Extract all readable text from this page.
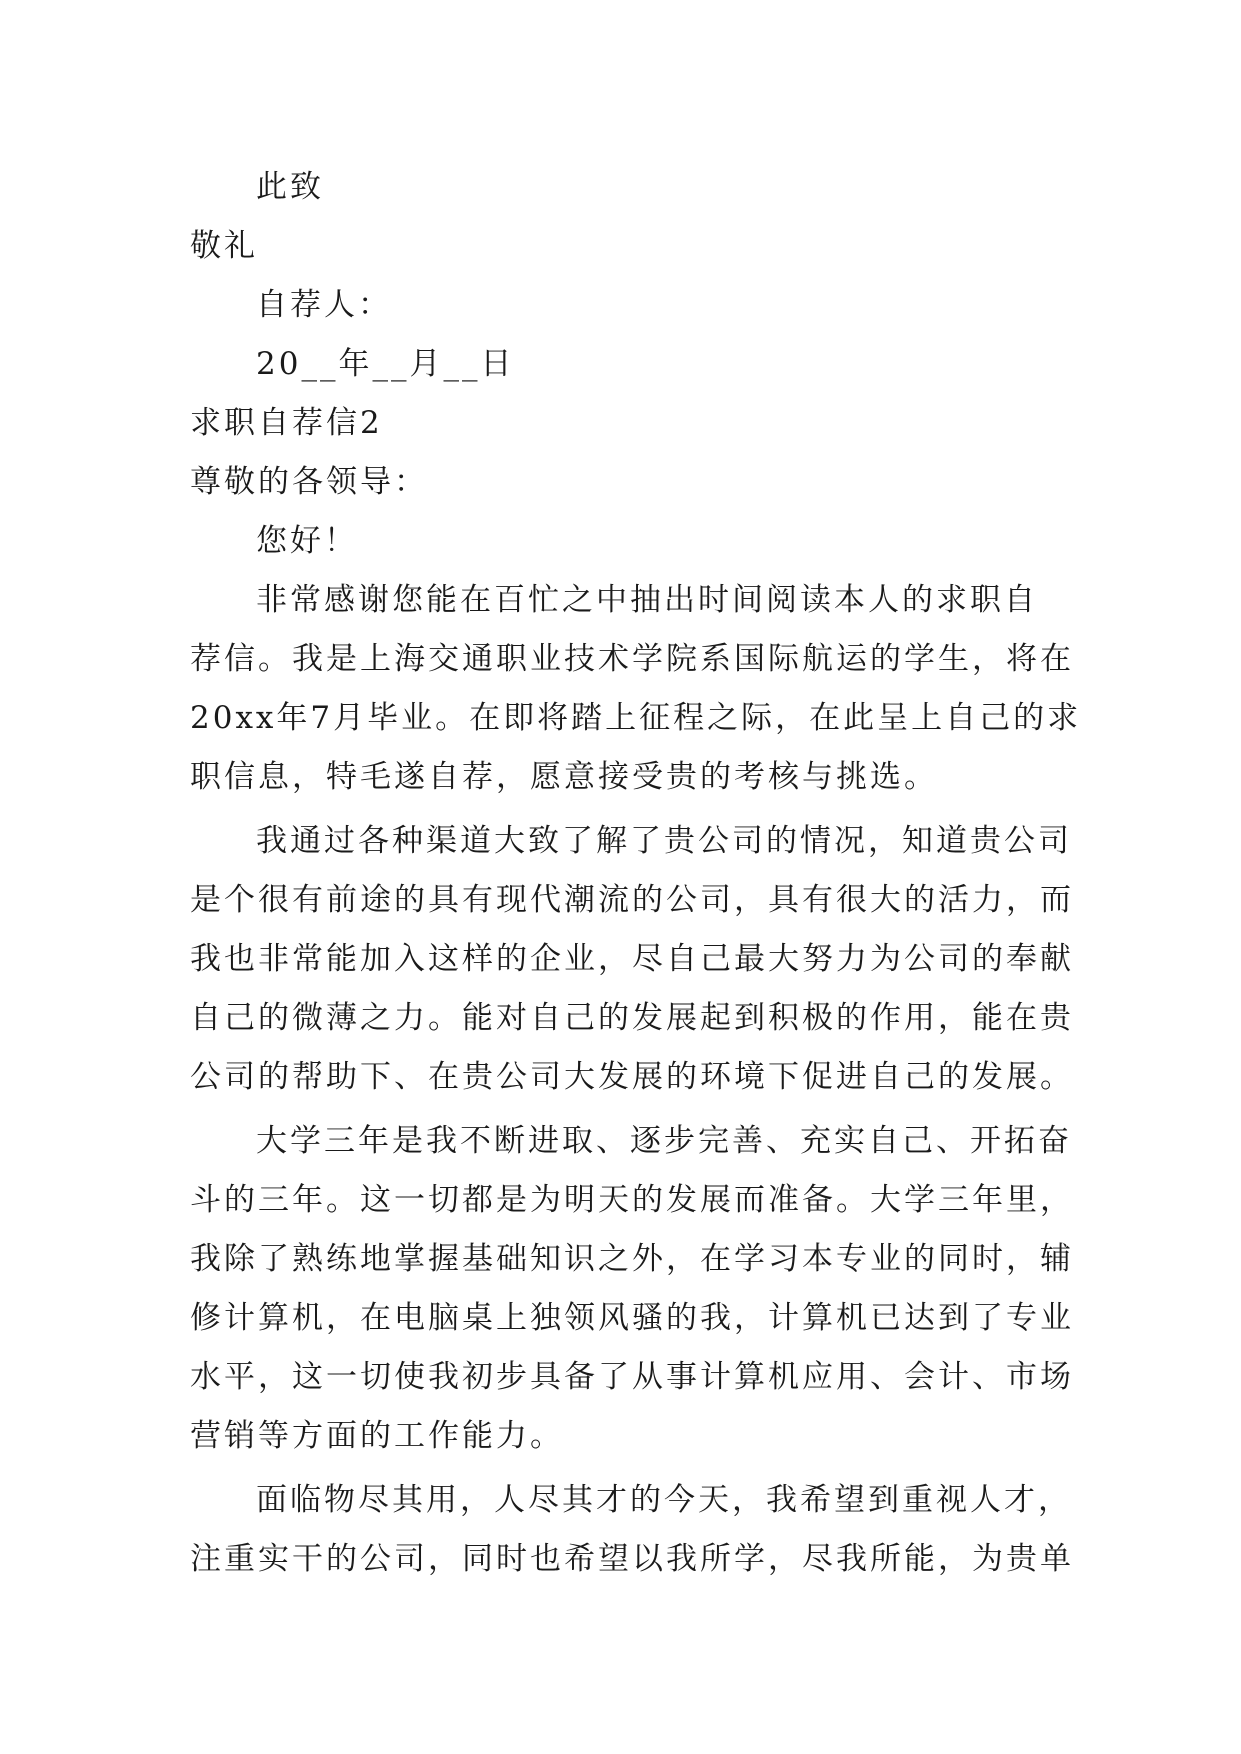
此致
敬礼
自荐人：
20__年__月__日
求职自荐信2
尊敬的各领导：
您好！
非常感谢您能在百忙之中抽出时间阅读本人的求职自
荐信。我是上海交通职业技术学院系国际航运的学生，将在
20xx年7月毕业。在即将踏上征程之际，在此呈上自己的求
职信息，特毛遂自荐，愿意接受贵的考核与挑选。
我通过各种渠道大致了解了贵公司的情况，知道贵公司
是个很有前途的具有现代潮流的公司，具有很大的活力，而
我也非常能加入这样的企业，尽自己最大努力为公司的奉献
自己的微薄之力。能对自己的发展起到积极的作用，能在贵
公司的帮助下、在贵公司大发展的环境下促进自己的发展。
大学三年是我不断进取、逐步完善、充实自己、开拓奋
斗的三年。这一切都是为明天的发展而准备。大学三年里，
我除了熟练地掌握基础知识之外，在学习本专业的同时，辅
修计算机，在电脑桌上独领风骚的我，计算机已达到了专业
水平，这一切使我初步具备了从事计算机应用、会计、市场
营销等方面的工作能力。
面临物尽其用，人尽其才的今天，我希望到重视人才，
注重实干的公司，同时也希望以我所学，尽我所能，为贵单
